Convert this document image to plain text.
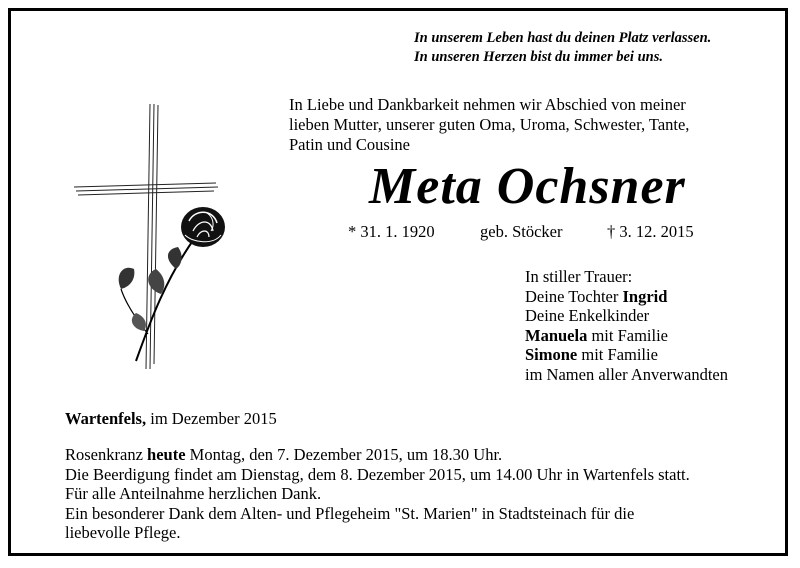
In unserem Leben hast du deinen Platz verlassen.
In unseren Herzen bist du immer bei uns.
In Liebe und Dankbarkeit nehmen wir Abschied von meiner
lieben Mutter, unserer guten Oma, Uroma, Schwester, Tante,
Patin und Cousine
Meta Ochsner
* 31. 1. 1920	geb. Stöcker	† 3. 12. 2015
In stiller Trauer:
Deine Tochter Ingrid
Deine Enkelkinder
Manuela mit Familie
Simone mit Familie
im Namen aller Anverwandten
Wartenfels, im Dezember 2015
Rosenkranz heute Montag, den 7. Dezember 2015, um 18.30 Uhr.
Die Beerdigung findet am Dienstag, dem 8. Dezember 2015, um 14.00 Uhr in Wartenfels statt.
Für alle Anteilnahme herzlichen Dank.
Ein besonderer Dank dem Alten- und Pflegeheim "St. Marien" in Stadtsteinach für die
liebevolle Pflege.
